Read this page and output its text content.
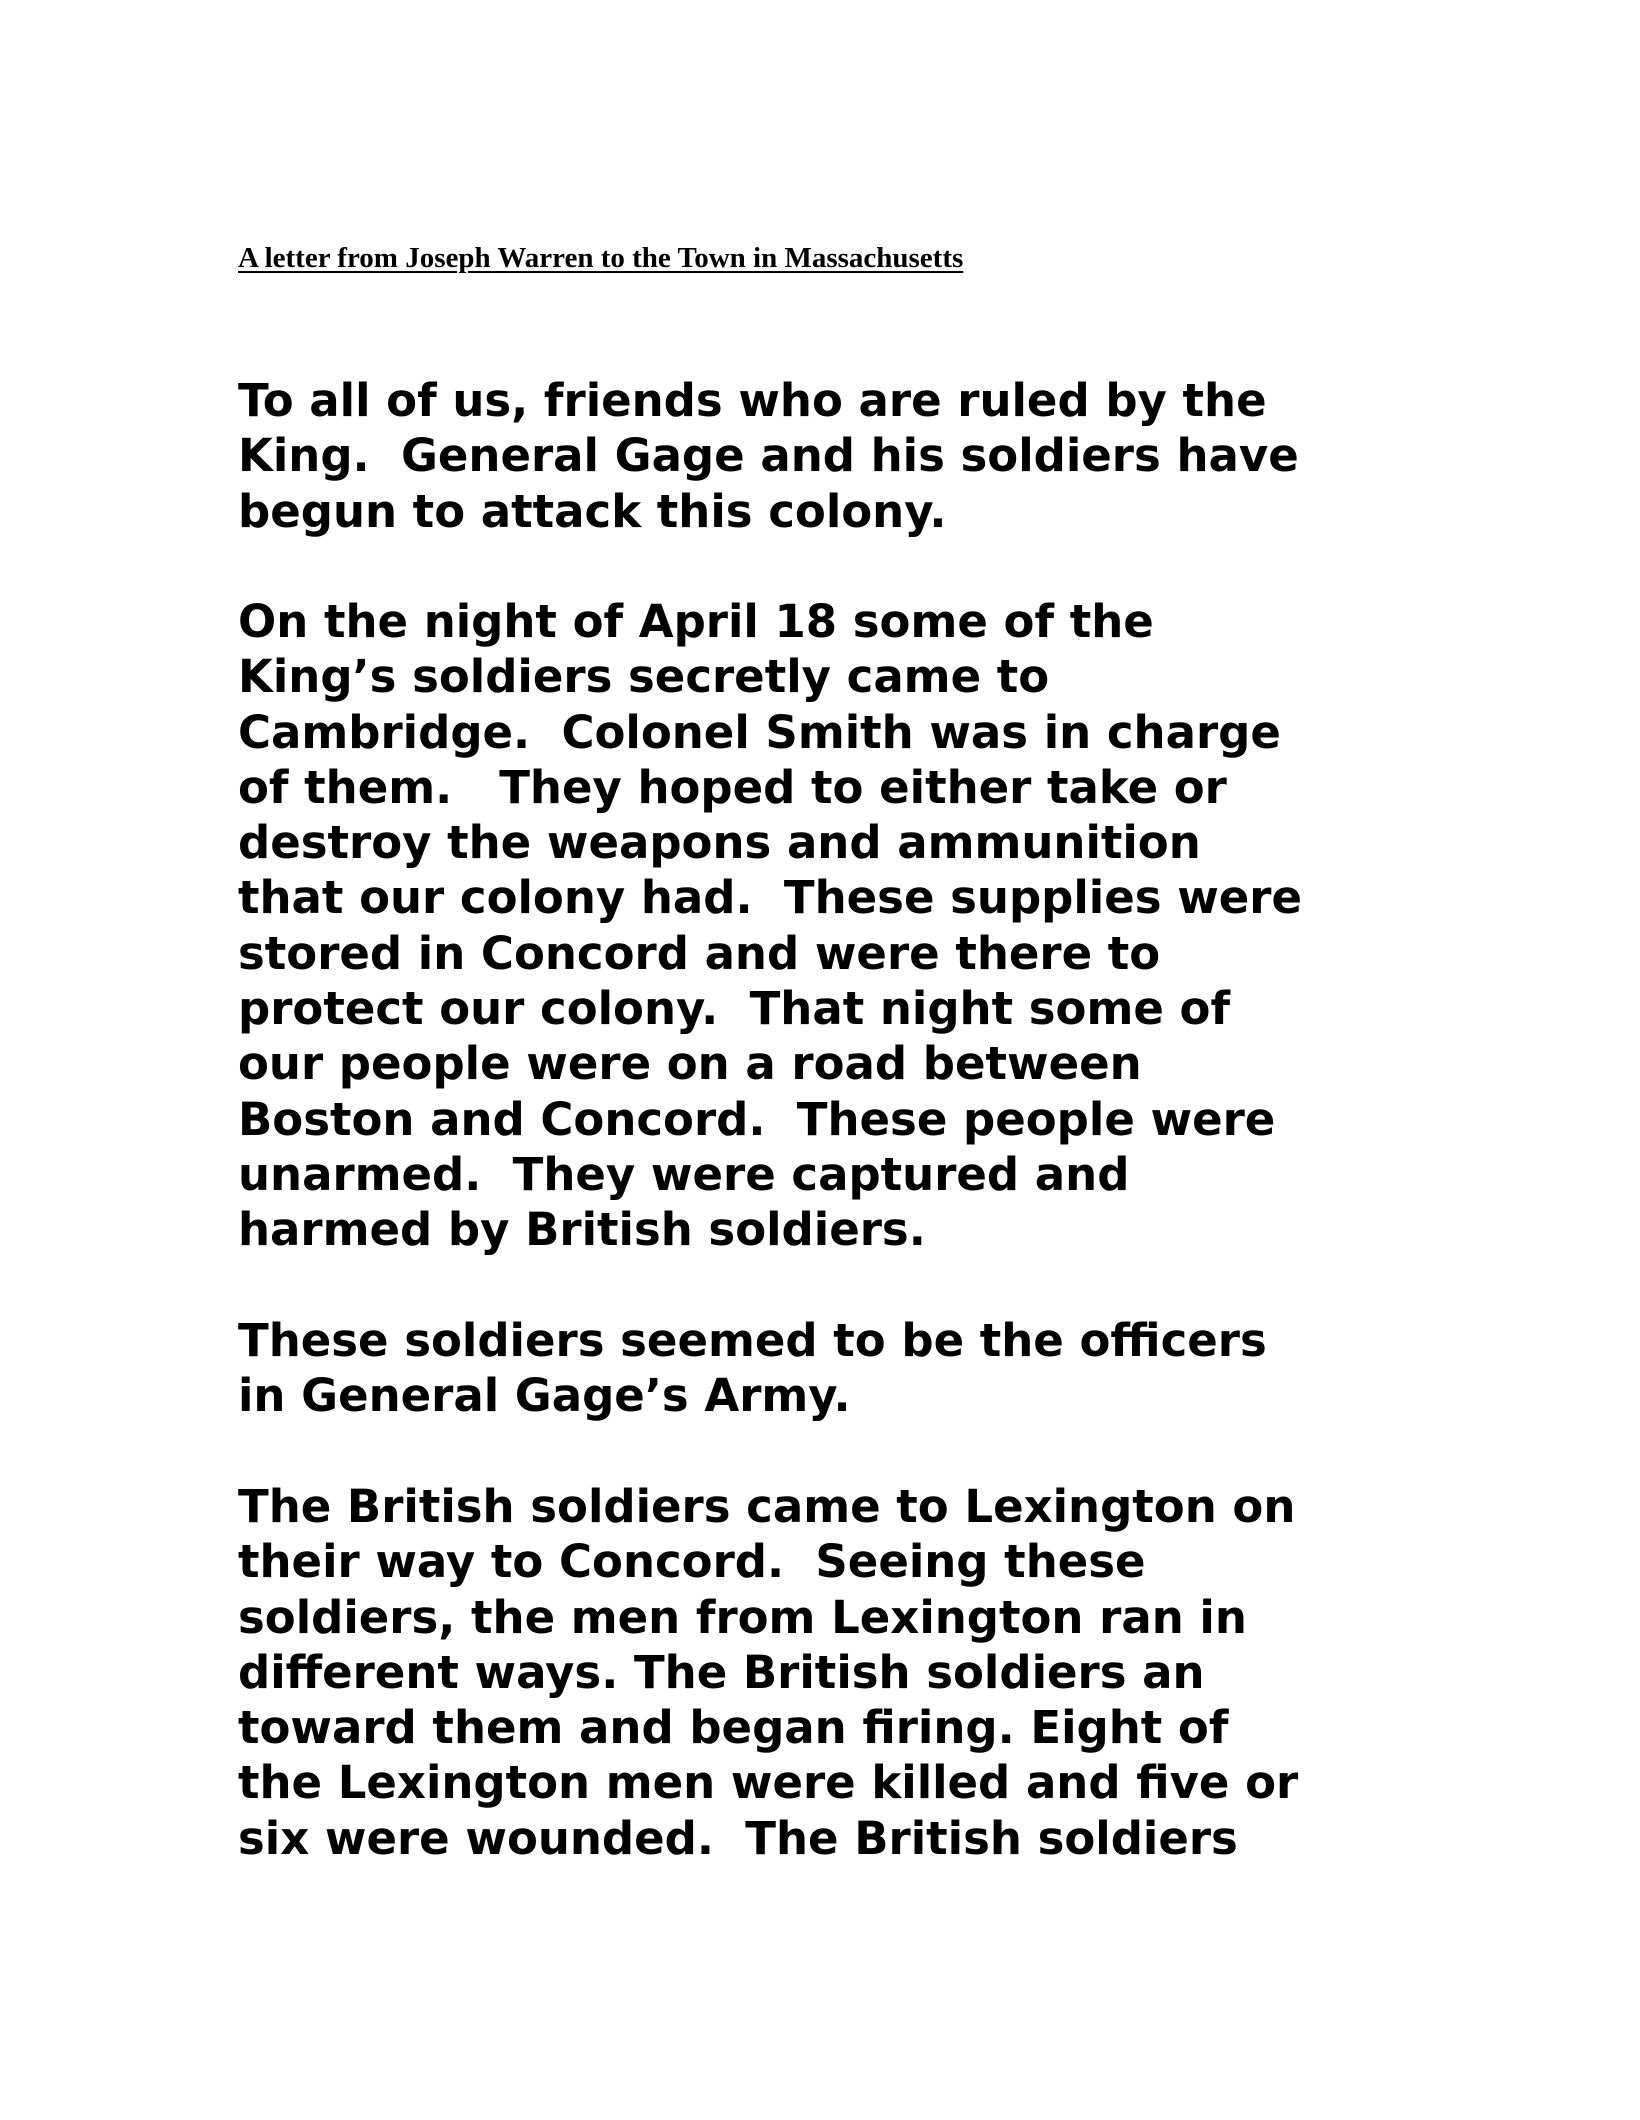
A letter from Joseph Warren to the Town in Massachusetts
To all of us, friends who are ruled by the
King.  General Gage and his soldiers have
begun to attack this colony.
On the night of April 18 some of the
King’s soldiers secretly came to
Cambridge.  Colonel Smith was in charge
of them.   They hoped to either take or
destroy the weapons and ammunition
that our colony had.  These supplies were
stored in Concord and were there to
protect our colony.  That night some of
our people were on a road between
Boston and Concord.  These people were
unarmed.  They were captured and
harmed by British soldiers.
These soldiers seemed to be the officers
in General Gage’s Army.
The British soldiers came to Lexington on
their way to Concord.  Seeing these
soldiers, the men from Lexington ran in
different ways. The British soldiers an
toward them and began firing. Eight of
the Lexington men were killed and five or
six were wounded.  The British soldiers
